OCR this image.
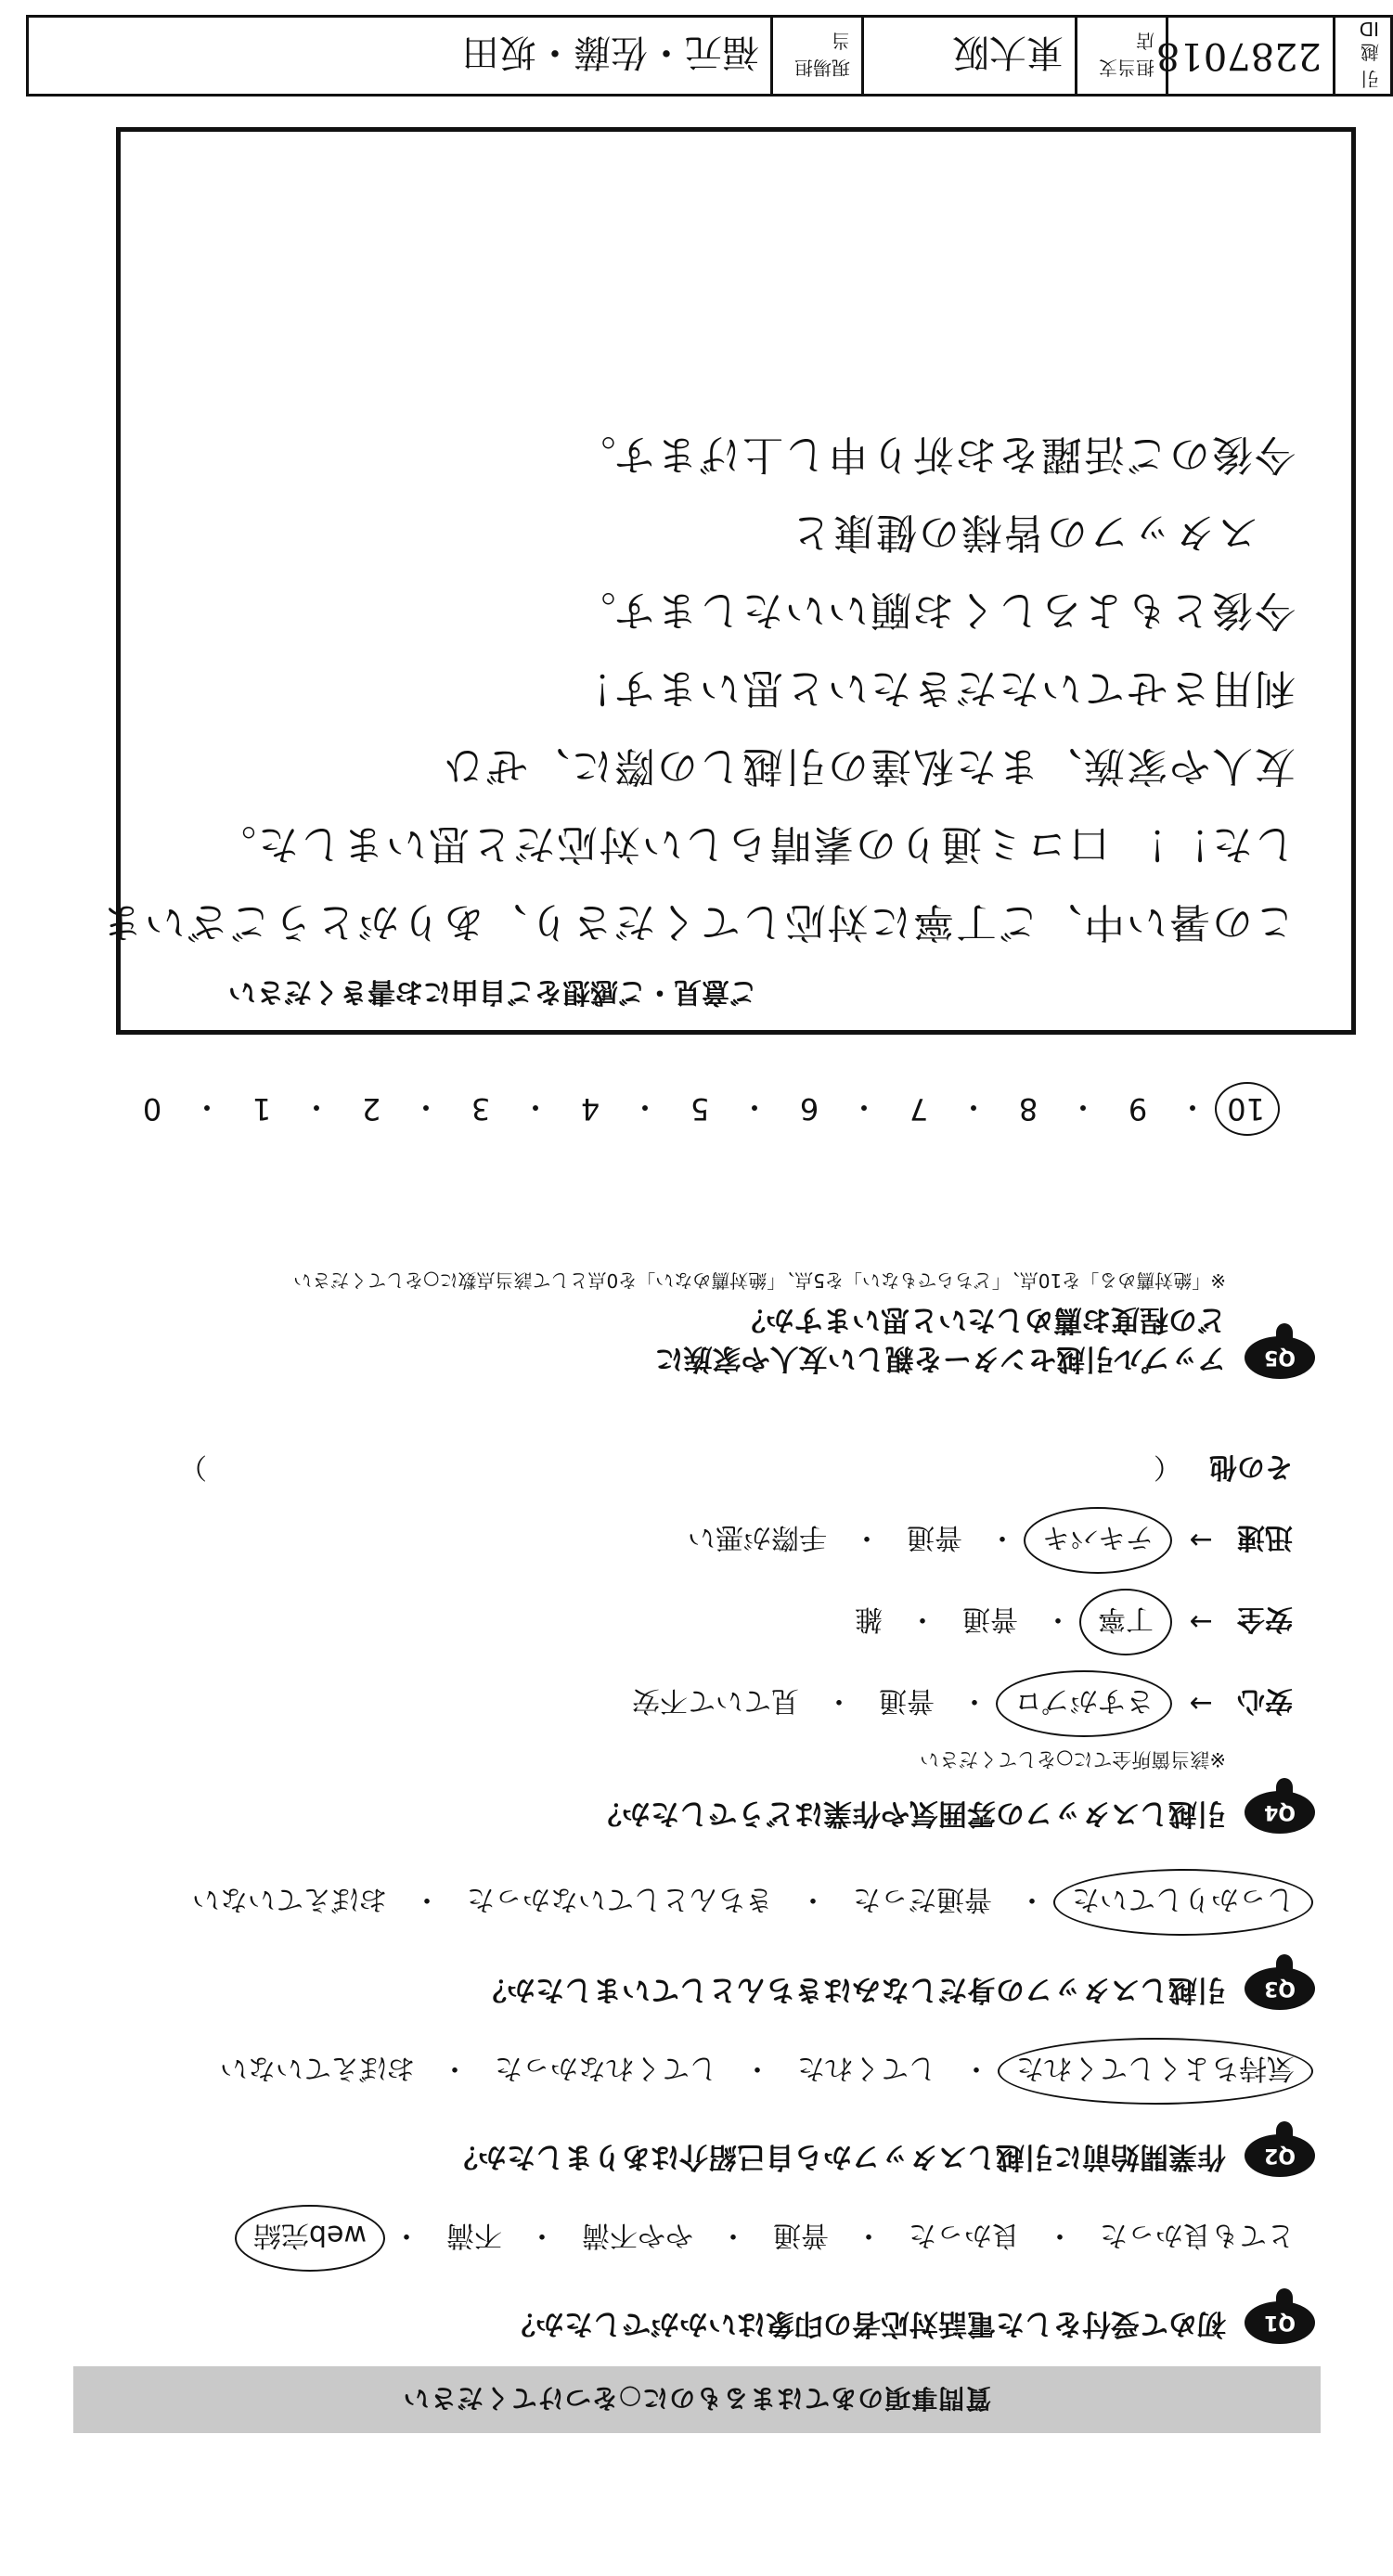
質問事項のあてはまるものに○をつけてください
Q1
初めて受付をした電話対応者の印象はいかがでしたか？
とても良かった
・
良かった
・
普通
・
やや不満
・
不満
・
web完結
Q2
作業開始前に引越しスタッフから自己紹介はありましたか？
気持ちよくしてくれた
・
してくれた
・
してくれなかった
・
おぼえていない
Q3
引越しスタッフの身だしなみはきちんとしていましたか？
しっかりしていた
・
普通だった
・
きちんとしていなかった
・
おぼえていない
Q4
引越しスタッフの雰囲気や作業はどうでしたか？
※該当箇所全てに○をしてください
安心
→
さすがプロ
・
普通
・
見ていて不安
安全
→
丁寧
・
普通
・
雑
迅速
→
テキパキ
・
普通
・
手際が悪い
その他
（
）
Q5
アップル引越センターを親しい友人や家族に
どの程度お薦めしたいと思いますか？
※「絶対薦める」を10点、「どちらでもない」を5点、「絶対薦めない」を0点として該当点数に○をしてください
10
・
9
・
8
・
7
・
6
・
5
・
4
・
3
・
2
・
1
・
0
ご意見・ご感想をご自由にお書きください
この暑い中、ご丁寧に対応してくださり、ありがとうございま
した！！ 口コミ通りの素晴らしい対応だと思いました。
友人や家族、また私達の引越しの際に、ぜひ
利用させていただきたいと思います！
今後ともよろしくお願いいたします。
スタッフの皆様の健康と
今後のご活躍をお祈り申し上げます。
引越ID
2287018
担当支店
東大阪
現場担当
福元・佐藤・坂田
